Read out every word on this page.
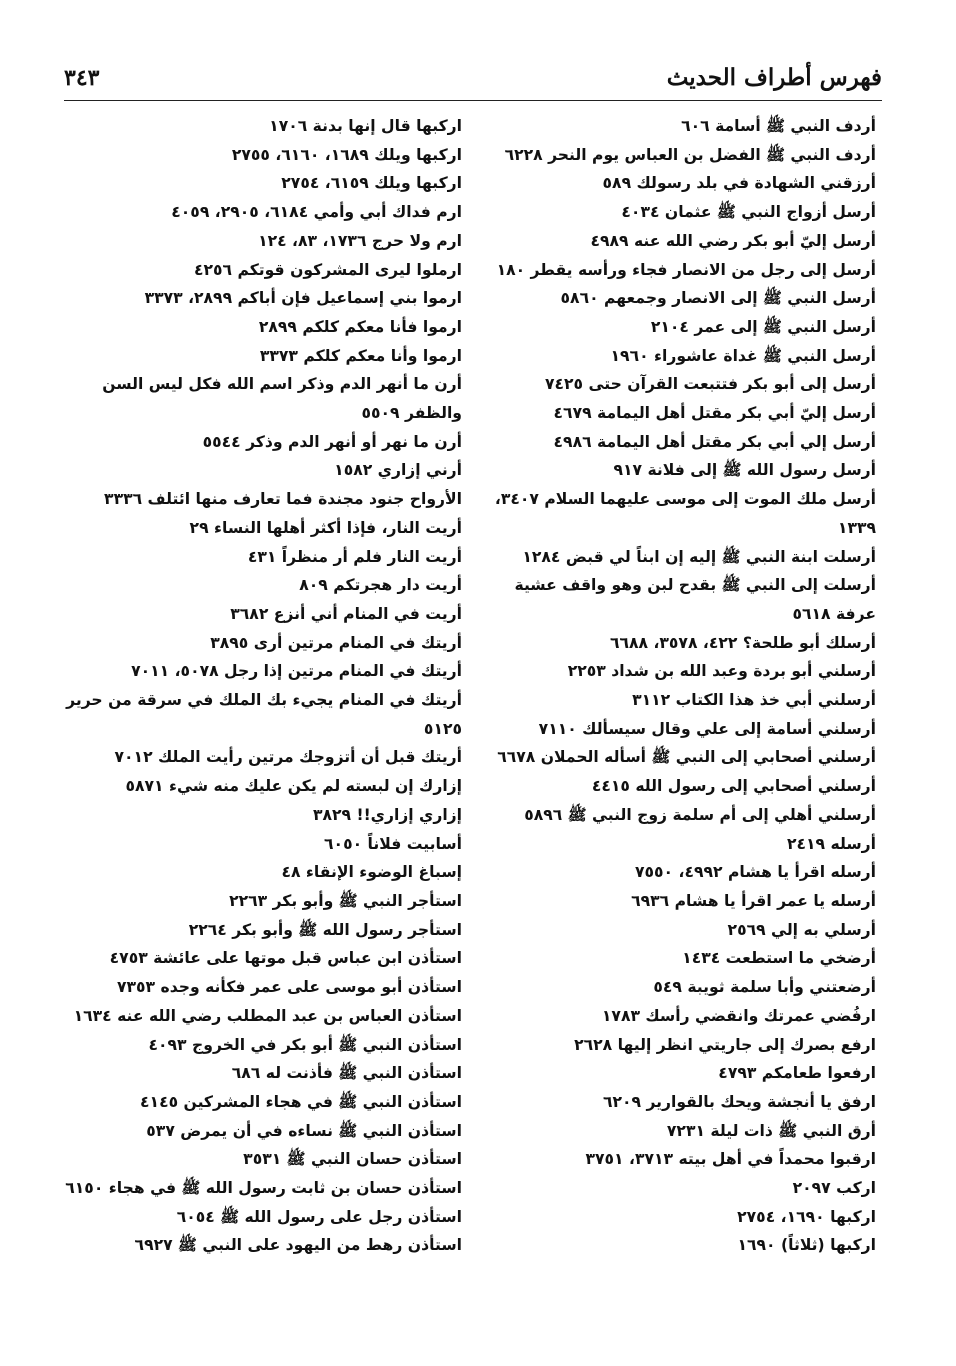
فهرس أطراف الحديث
٣٤٣
أردف النبي ﷺ أسامة ٦٠٦
أردف النبي ﷺ الفضل بن العباس يوم النحر ٦٢٢٨
أرزقني الشهادة في بلد رسولك ٥٨٩
أرسل أزواج النبي ﷺ عثمان ٤٠٣٤
أرسل إليّ أبو بكر رضي الله عنه ٤٩٨٩
أرسل إلى رجل من الانصار فجاء ورأسه يقطر ١٨٠
أرسل النبي ﷺ إلى الانصار وجمعهم ٥٨٦٠
أرسل النبي ﷺ إلى عمر ٢١٠٤
أرسل النبي ﷺ غداة عاشوراء ١٩٦٠
أرسل إلى أبو بكر فتتبعت القرآن حتى ٧٤٢٥
أرسل إليّ أبي بكر مقتل أهل اليمامة ٤٦٧٩
أرسل إلي أبي بكر مقتل أهل اليمامة ٤٩٨٦
أرسل رسول الله ﷺ إلى فلانة ٩١٧
أرسل ملك الموت إلى موسى عليهما السلام ٣٤٠٧، ١٣٣٩
أرسلت ابنة النبي ﷺ إليه إن ابناً لي قبض ١٢٨٤
أرسلت إلى النبي ﷺ بقدح لبن وهو واقف عشية عرفة ٥٦١٨
أرسلك أبو طلحة؟ ٤٢٢، ٣٥٧٨، ٦٦٨٨
أرسلني أبو بردة وعبد الله بن شداد ٢٢٥٣
أرسلني أبي خذ هذا الكتاب ٣١١٢
أرسلني أسامة إلى علي وقال سيسألك ٧١١٠
أرسلني أصحابي إلى النبي ﷺ أسأله الحملان ٦٦٧٨
أرسلني أصحابي إلى رسول الله ٤٤١٥
أرسلني أهلي إلى أم سلمة زوج النبي ﷺ ٥٨٩٦
أرسله ٢٤١٩
أرسله اقرأ يا هشام ٤٩٩٢، ٧٥٥٠
أرسله يا عمر اقرأ يا هشام ٦٩٣٦
أرسلي به إلي ٢٥٦٩
أرضخي ما استطعت ١٤٣٤
أرضعتني وأبا سلمة ثويبة ٥٤٩
ارفُضي عمرتك وانقضي رأسك ١٧٨٣
ارفع بصرك إلى جاريتي انظر إليها ٢٦٢٨
ارفعوا طعامكم ٤٧٩٣
ارفق يا أنجشة ويحك بالقوارير ٦٢٠٩
أرق النبي ﷺ ذات ليلة ٧٢٣١
ارقبوا محمداً في أهل بيته ٣٧١٣، ٣٧٥١
اركب ٢٠٩٧
اركبها ١٦٩٠، ٢٧٥٤
اركبها (ثلاثاً) ١٦٩٠
اركبها قال إنها بدنة ١٧٠٦
اركبها ويلك ١٦٨٩، ٦١٦٠، ٢٧٥٥
اركبها ويلك ٦١٥٩، ٢٧٥٤
ارم فداك أبي وأمي ٦١٨٤، ٢٩٠٥، ٤٠٥٩
ارم ولا حرج ١٧٣٦، ٨٣، ١٢٤
ارملوا ليرى المشركون قوتكم ٤٢٥٦
ارموا بني إسماعيل فإن أباكم ٢٨٩٩، ٣٣٧٣
ارموا فأنا معكم كلكم ٢٨٩٩
ارموا وأنا معكم كلكم ٣٣٧٣
أرن ما أنهر الدم وذكر اسم الله فكل ليس السن والظفر ٥٥٠٩
أرن ما نهر أو أنهر الدم وذكر ٥٥٤٤
أرني إزاري ١٥٨٢
الأرواح جنود مجندة فما تعارف منها ائتلف ٣٣٣٦
أريت النار، فإذا أكثر أهلها النساء ٢٩
أريت النار فلم أر منظراً ٤٣١
أريت دار هجرتكم ٨٠٩
أريت في المنام أني أنزع ٣٦٨٢
أريتك في المنام مرتين أرى ٣٨٩٥
أريتك في المنام مرتين إذا رجل ٥٠٧٨، ٧٠١١
أريتك في المنام يجيء بك الملك في سرقة من حرير ٥١٢٥
أريتك قبل أن أتزوجك مرتين رأيت الملك ٧٠١٢
إزارك إن لبسته لم يكن عليك منه شيء ٥٨٧١
إزاري إزاري!! ٣٨٢٩
أسابيت فلاناً ٦٠٥٠
إسباغ الوضوء الإنقاء ٤٨
استأجر النبي ﷺ وأبو بكر ٢٢٦٣
استأجر رسول الله ﷺ وأبو بكر ٢٢٦٤
استأذن ابن عباس قبل موتها على عائشة ٤٧٥٣
استأذن أبو موسى على عمر فكأنه وجده ٧٣٥٣
استأذن العباس بن عبد المطلب رضي الله عنه ١٦٣٤
استأذن النبي ﷺ أبو بكر في الخروج ٤٠٩٣
استأذن النبي ﷺ فأذنت له ٦٨٦
استأذن النبي ﷺ في هجاء المشركين ٤١٤٥
استأذن النبي ﷺ نساءه في أن يمرض ٥٣٧
استأذن حسان النبي ﷺ ٣٥٣١
استأذن حسان بن ثابت رسول الله ﷺ في هجاء ٦١٥٠
استأذن رجل على رسول الله ﷺ ٦٠٥٤
استأذن رهط من اليهود على النبي ﷺ ٦٩٢٧
